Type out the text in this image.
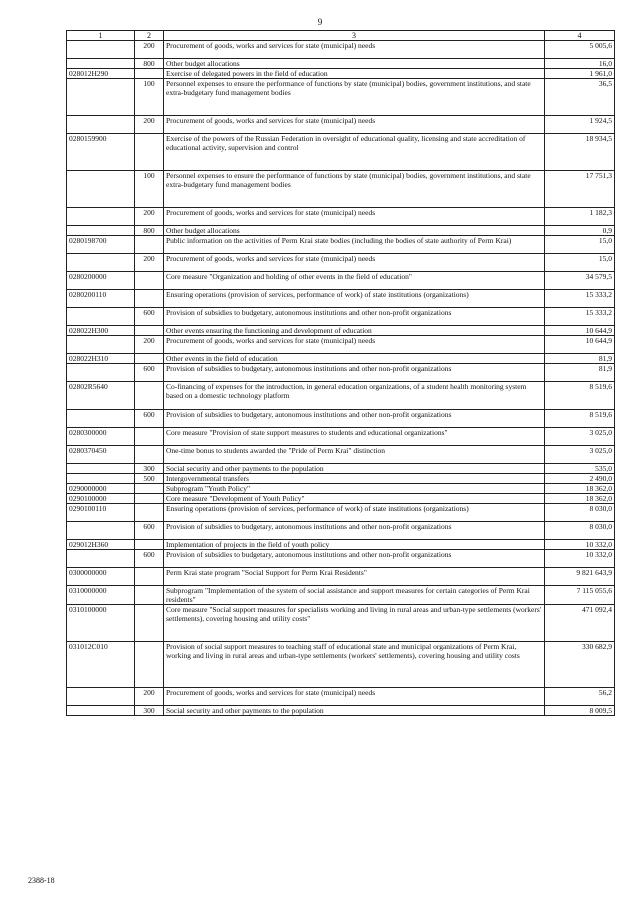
9
1	2	3	4
	200	Procurement of goods, works and services for state (municipal) needs	5 005,6
	800	Other budget allocations	16,0
028012Н290		Exercise of delegated powers in the field of education	1 961,0
	100	Personnel expenses to ensure the performance of functions by state (municipal) bodies, government institutions, and state extra-budgetary fund management bodies	36,5
	200	Procurement of goods, works and services for state (municipal) needs	1 924,5
0280159900		Exercise of the powers of the Russian Federation in oversight of educational quality, licensing and state accreditation of educational activity, supervision and control	18 934,5
	100	Personnel expenses to ensure the performance of functions by state (municipal) bodies, government institutions, and state extra-budgetary fund management bodies	17 751,3
	200	Procurement of goods, works and services for state (municipal) needs	1 182,3
	800	Other budget allocations	0,9
0280198700		Public information on the activities of Perm Krai state bodies (including the bodies of state authority of Perm Krai)	15,0
	200	Procurement of goods, works and services for state (municipal) needs	15,0
0280200000		Core measure "Organization and holding of other events in the field of education"	34 579,5
0280200110		Ensuring operations (provision of services, performance of work) of state institutions (organizations)	15 333,2
	600	Provision of subsidies to budgetary, autonomous institutions and other non-profit organizations	15 333,2
028022Н300		Other events ensuring the functioning and development of education	10 644,9
	200	Procurement of goods, works and services for state (municipal) needs	10 644,9
028022Н310		Other events in the field of education	81,9
	600	Provision of subsidies to budgetary, autonomous institutions and other non-profit organizations	81,9
02802R5640		Co-financing of expenses for the introduction, in general education organizations, of a student health monitoring system based on a domestic technology platform	8 519,6
	600	Provision of subsidies to budgetary, autonomous institutions and other non-profit organizations	8 519,6
0280300000		Core measure "Provision of state support measures to students and educational organizations"	3 025,0
0280370450		One-time bonus to students awarded the "Pride of Perm Krai" distinction	3 025,0
	300	Social security and other payments to the population	535,0
	500	Intergovernmental transfers	2 490,0
0290000000		Subprogram "Youth Policy"	18 362,0
0290100000		Core measure "Development of Youth Policy"	18 362,0
0290100110		Ensuring operations (provision of services, performance of work) of state institutions (organizations)	8 030,0
	600	Provision of subsidies to budgetary, autonomous institutions and other non-profit organizations	8 030,0
029012Н360		Implementation of projects in the field of youth policy	10 332,0
	600	Provision of subsidies to budgetary, autonomous institutions and other non-profit organizations	10 332,0
0300000000		Perm Krai state program "Social Support for Perm Krai Residents"	9 821 643,9
0310000000		Subprogram "Implementation of the system of social assistance and support measures for certain categories of Perm Krai residents"	7 115 055,6
0310100000		Core measure "Social support measures for specialists working and living in rural areas and urban-type settlements (workers' settlements), covering housing and utility costs"	471 092,4
031012С010		Provision of social support measures to teaching staff of educational state and municipal organizations of Perm Krai, working and living in rural areas and urban-type settlements (workers' settlements), covering housing and utility costs	330 682,9
	200	Procurement of goods, works and services for state (municipal) needs	56,2
	300	Social security and other payments to the population	8 009,5
2388-18
